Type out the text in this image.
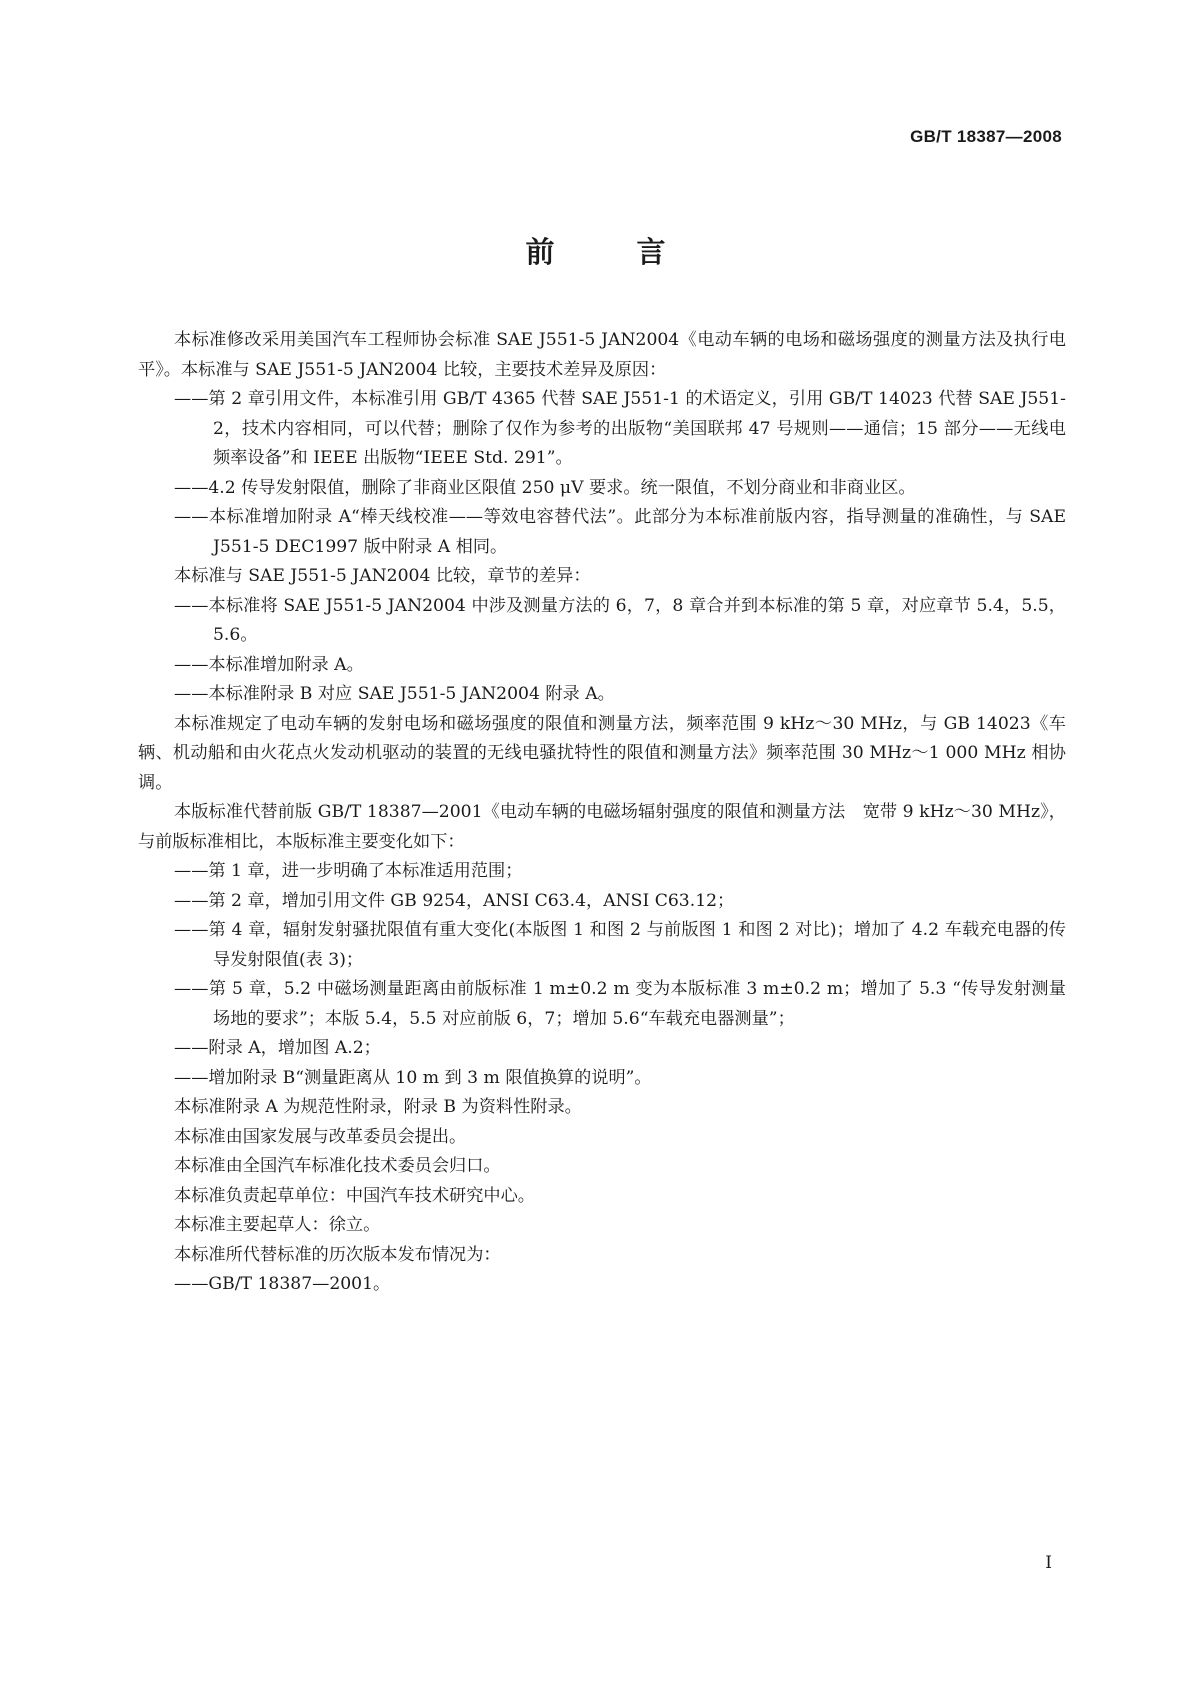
GB/T 18387—2008
前 言

本标准修改采用美国汽车工程师协会标准 SAE J551-5 JAN2004《电动车辆的电场和磁场强度的测量方法及执行电平》。本标准与 SAE J551-5 JAN2004 比较，主要技术差异及原因：

——第 2 章引用文件，本标准引用 GB/T 4365 代替 SAE J551-1 的术语定义，引用 GB/T 14023 代替 SAE J551-2，技术内容相同，可以代替；删除了仅作为参考的出版物“美国联邦 47 号规则——通信；15 部分——无线电频率设备”和 IEEE 出版物“IEEE Std. 291”。

——4.2 传导发射限值，删除了非商业区限值 250 μV 要求。统一限值，不划分商业和非商业区。

——本标准增加附录 A“棒天线校准——等效电容替代法”。此部分为本标准前版内容，指导测量的准确性，与 SAE J551-5 DEC1997 版中附录 A 相同。

本标准与 SAE J551-5 JAN2004 比较，章节的差异：

——本标准将 SAE J551-5 JAN2004 中涉及测量方法的 6，7，8 章合并到本标准的第 5 章，对应章节 5.4，5.5，5.6。

——本标准增加附录 A。

——本标准附录 B 对应 SAE J551-5 JAN2004 附录 A。

本标准规定了电动车辆的发射电场和磁场强度的限值和测量方法，频率范围 9 kHz～30 MHz，与 GB 14023《车辆、机动船和由火花点火发动机驱动的装置的无线电骚扰特性的限值和测量方法》频率范围 30 MHz～1 000 MHz 相协调。

本版标准代替前版 GB/T 18387—2001《电动车辆的电磁场辐射强度的限值和测量方法　宽带 9 kHz～30 MHz》，与前版标准相比，本版标准主要变化如下：

——第 1 章，进一步明确了本标准适用范围；

——第 2 章，增加引用文件 GB 9254，ANSI C63.4，ANSI C63.12；

——第 4 章，辐射发射骚扰限值有重大变化(本版图 1 和图 2 与前版图 1 和图 2 对比)；增加了 4.2 车载充电器的传导发射限值(表 3)；

——第 5 章，5.2 中磁场测量距离由前版标准 1 m±0.2 m 变为本版标准 3 m±0.2 m；增加了 5.3 “传导发射测量场地的要求”；本版 5.4，5.5 对应前版 6，7；增加 5.6“车载充电器测量”；

——附录 A，增加图 A.2；

——增加附录 B“测量距离从 10 m 到 3 m 限值换算的说明”。

本标准附录 A 为规范性附录，附录 B 为资料性附录。

本标准由国家发展与改革委员会提出。

本标准由全国汽车标准化技术委员会归口。

本标准负责起草单位：中国汽车技术研究中心。

本标准主要起草人：徐立。

本标准所代替标准的历次版本发布情况为：

——GB/T 18387—2001。

I
